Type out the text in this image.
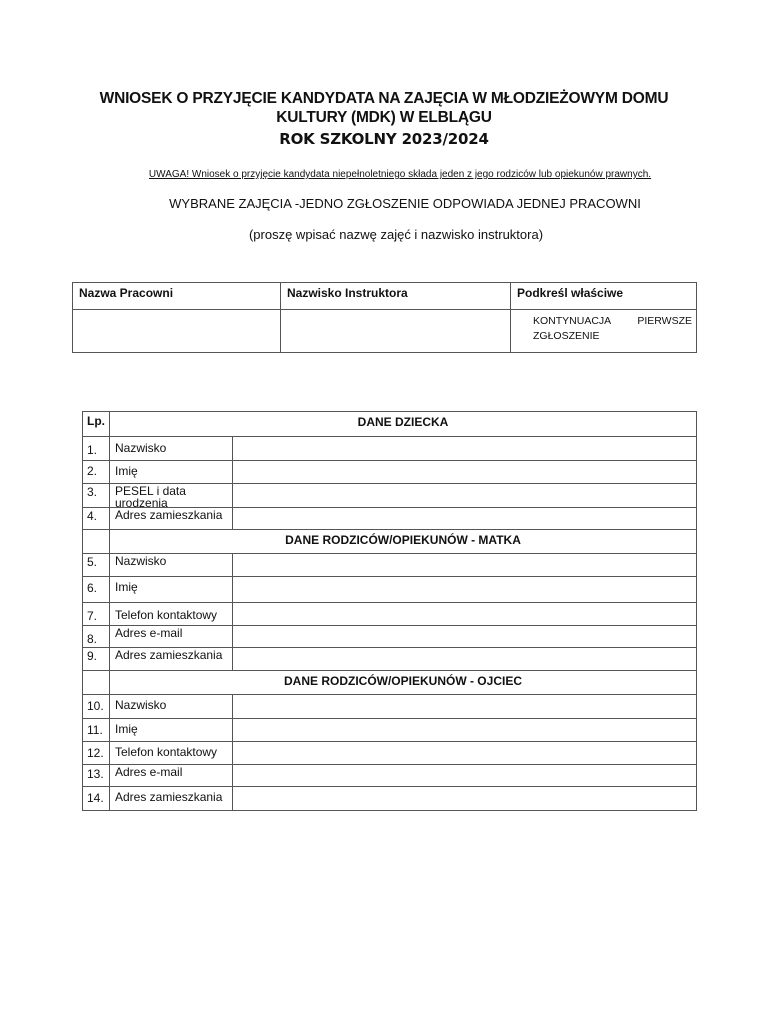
WNIOSEK O PRZYJĘCIE KANDYDATA NA ZAJĘCIA W MŁODZIEŻOWYM DOMU
KULTURY (MDK) W ELBLĄGU
ROK SZKOLNY 2023/2024
UWAGA! Wniosek o przyjęcie kandydata niepełnoletniego składa jeden z jego rodziców lub opiekunów prawnych.
WYBRANE ZAJĘCIA -JEDNO ZGŁOSZENIE ODPOWIADA JEDNEJ PRACOWNI
(proszę wpisać nazwę zajęć i nazwisko instruktora)
Nazwa Pracowni	Nazwisko Instruktora	Podkreśl właściwe

		KONTYNUACJA PIERWSZE
ZGŁOSZENIE
Lp.	DANE DZIECKA	
1.	Nazwisko	
2.	Imię	
3.	PESEL i data urodzenia	

4.	Adres zamieszkania	
	DANE RODZICÓW/OPIEKUNÓW - MATKA	
5.	Nazwisko	
6.	Imię	
7.	Telefon kontaktowy	
8.	Adres e-mail	
9.	Adres zamieszkania	
	DANE RODZICÓW/OPIEKUNÓW - OJCIEC	
10.	Nazwisko	
11.	Imię	
12.	Telefon kontaktowy	
13.	Adres e-mail	
14.	Adres zamieszkania	
